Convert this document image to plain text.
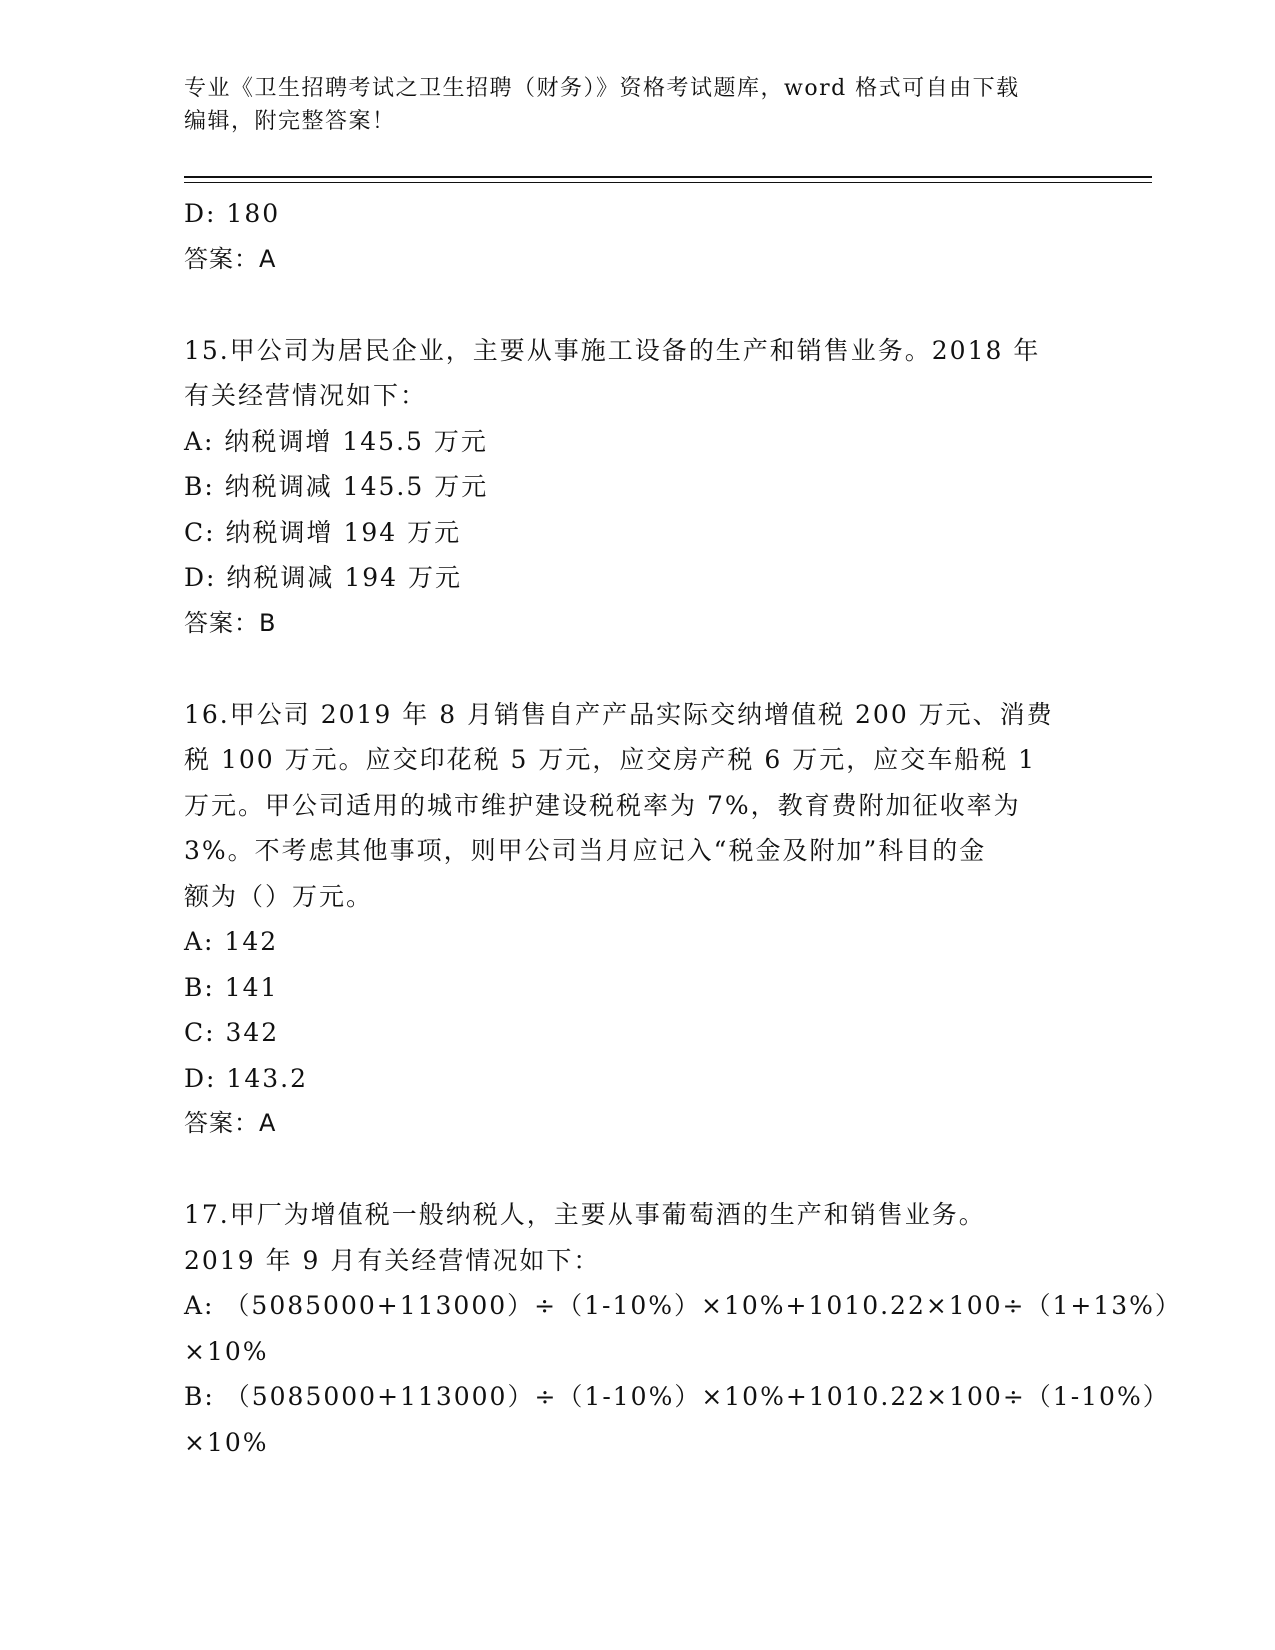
专业《卫生招聘考试之卫生招聘（财务）》资格考试题库，word 格式可自由下载
编辑，附完整答案！
D: 180
答案：A
15.甲公司为居民企业，主要从事施工设备的生产和销售业务。2018 年
有关经营情况如下：
A: 纳税调增 145.5 万元
B: 纳税调减 145.5 万元
C: 纳税调增 194 万元
D: 纳税调减 194 万元
答案：B
16.甲公司 2019 年 8 月销售自产产品实际交纳增值税 200 万元、消费
税 100 万元。应交印花税 5 万元，应交房产税 6 万元，应交车船税 1
万元。甲公司适用的城市维护建设税税率为 7%，教育费附加征收率为
3%。不考虑其他事项，则甲公司当月应记入“税金及附加”科目的金
额为（）万元。
A: 142
B: 141
C: 342
D: 143.2
答案：A
17.甲厂为增值税一般纳税人，主要从事葡萄酒的生产和销售业务。
2019 年 9 月有关经营情况如下：
A: （5085000+113000）÷（1-10%）×10%+1010.22×100÷（1+13%）
×10%
B: （5085000+113000）÷（1-10%）×10%+1010.22×100÷（1-10%）
×10%
